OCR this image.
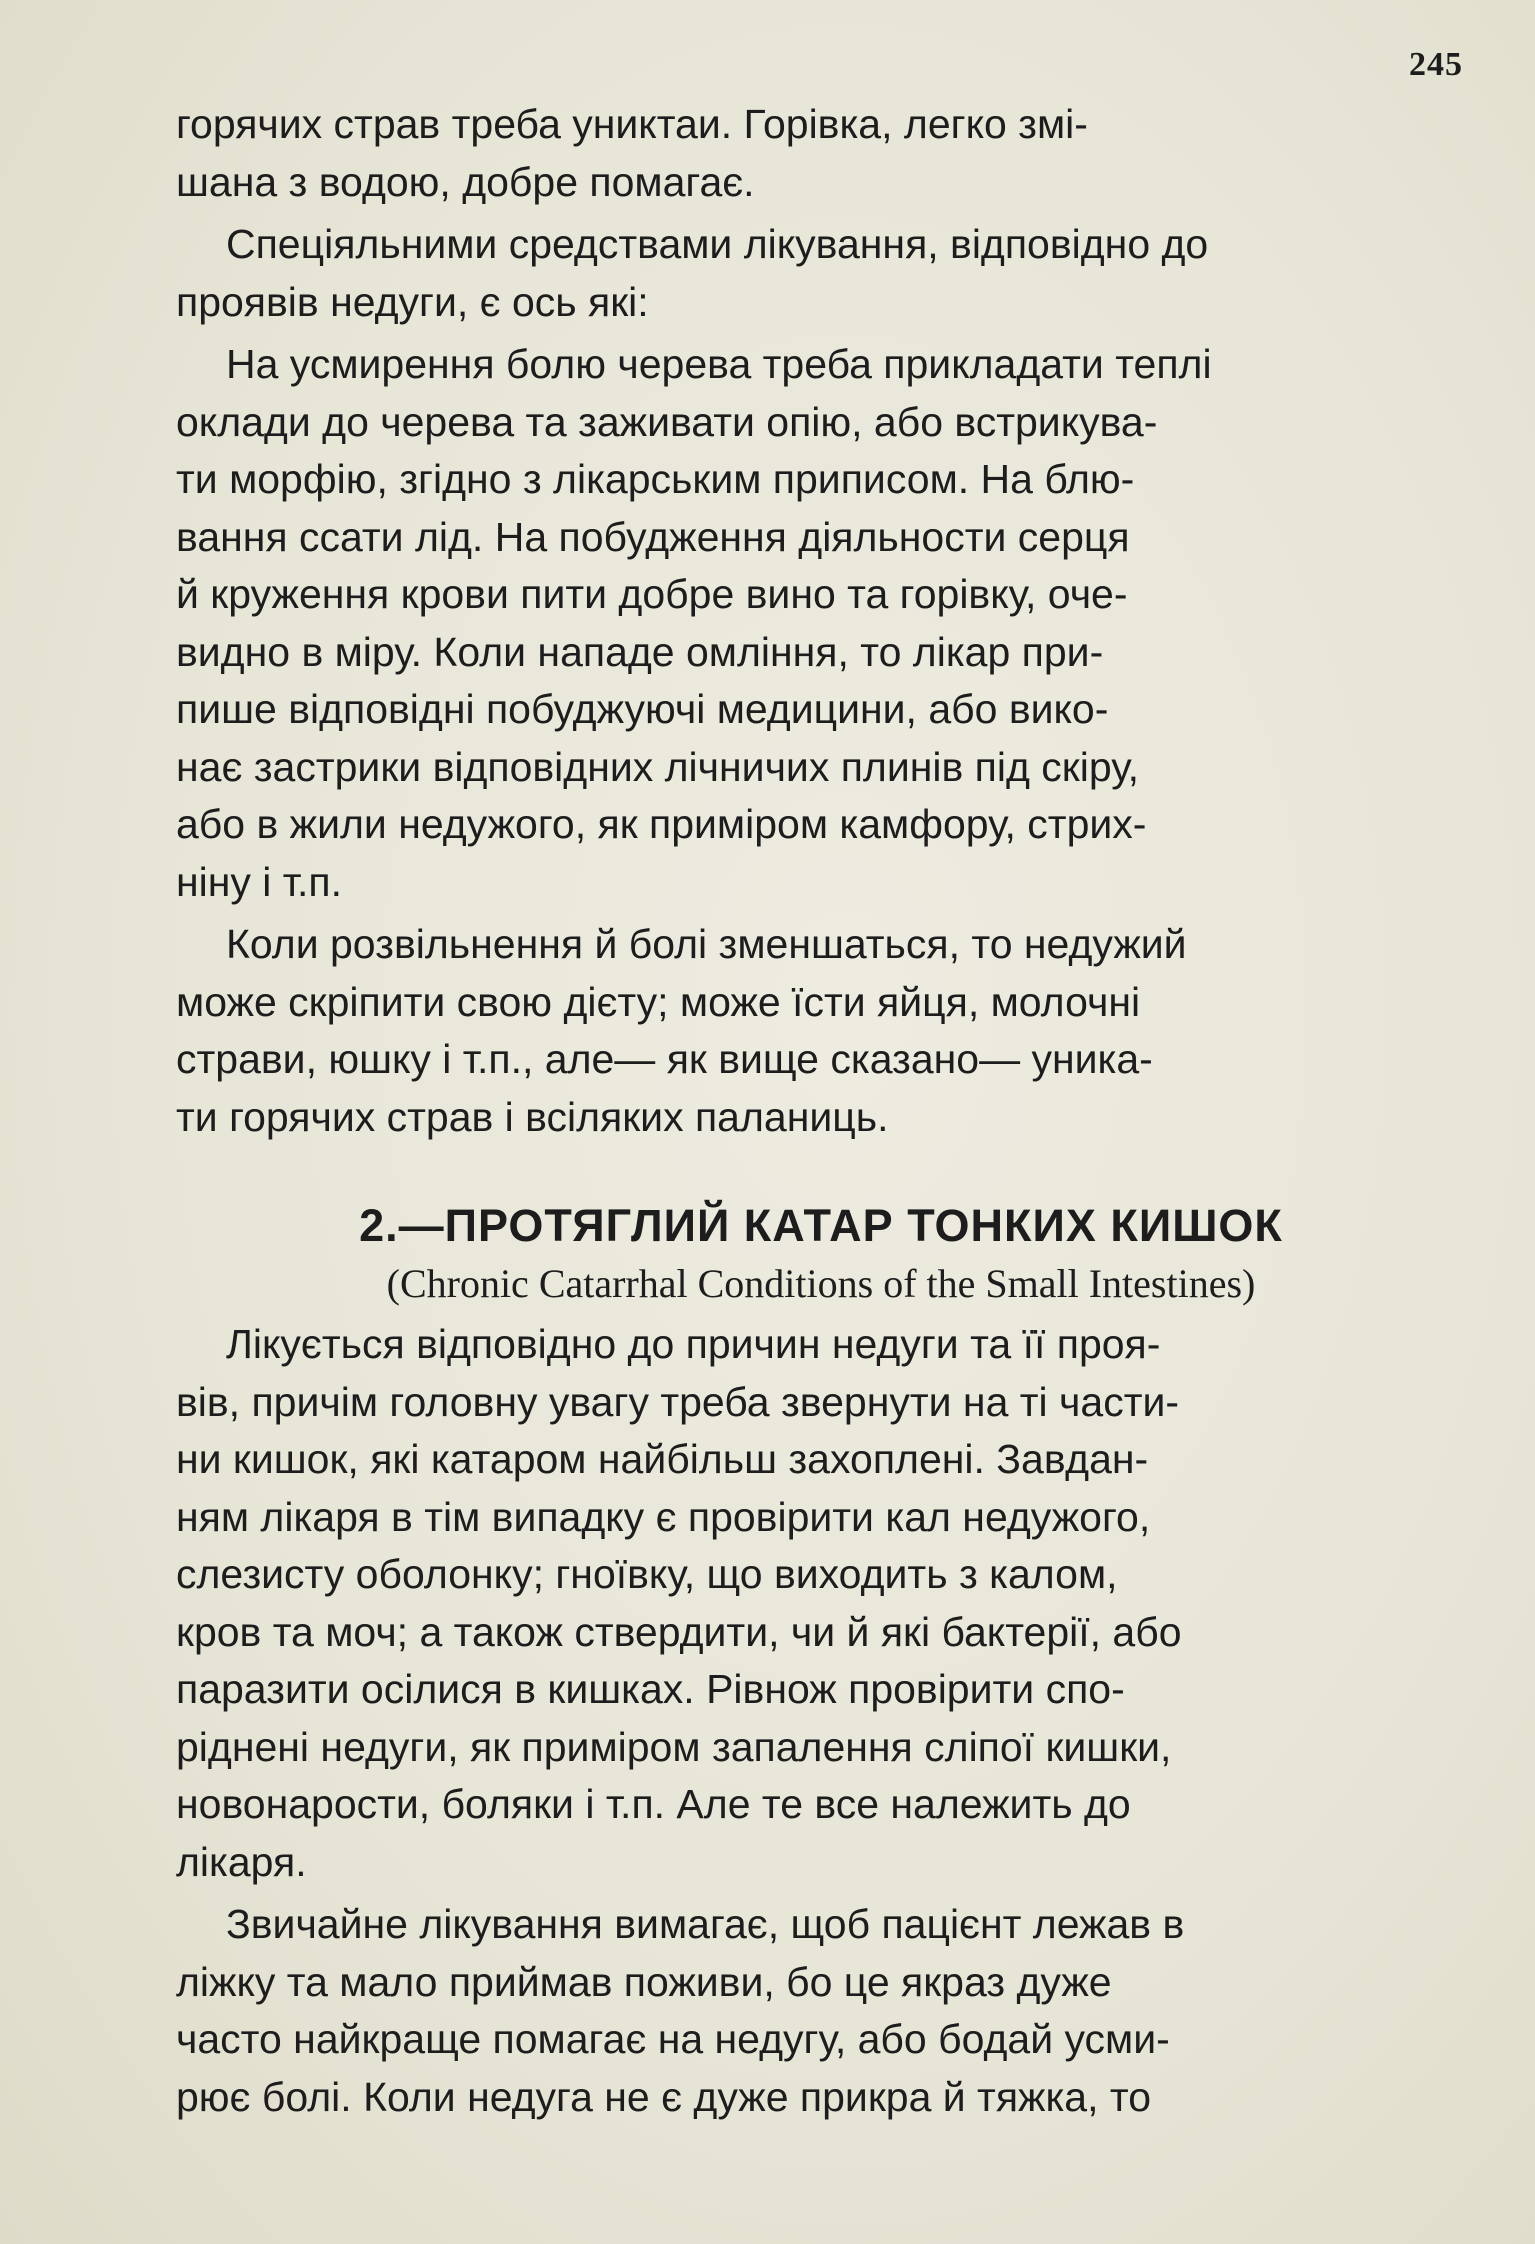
245

горячих страв треба униктаи. Горівка, легко змі-
шана з водою, добре помагає.

Спеціяльними средствами лікування, відповідно до
проявів недуги, є ось які:

На усмирення болю черева треба прикладати теплі
оклади до черева та заживати опію, або встрикува-
ти морфію, згідно з лікарським приписом. На блю-
вання ссати лід. На побудження діяльности серця
й круження крови пити добре вино та горівку, оче-
видно в міру. Коли нападе омління, то лікар при-
пише відповідні побуджуючі медицини, або вико-
нає застрики відповідних лічничих плинів під скіру,
або в жили недужого, як приміром камфору, стрих-
ніну і т.п.

Коли розвільнення й болі зменшаться, то недужий
може скріпити свою дієту; може їсти яйця, молочні
страви, юшку і т.п., але— як вище сказано— уника-
ти горячих страв і всіляких паланиць.

2.—ПРОТЯГЛИЙ КАТАР ТОНКИХ КИШОК
(Chronic Catarrhal Conditions of the Small Intestines)

Лікується відповідно до причин недуги та її проя-
вів, причім головну увагу треба звернути на ті части-
ни кишок, які катаром найбільш захоплені. Завдан-
ням лікаря в тім випадку є провірити кал недужого,
слезисту оболонку; гноївку, що виходить з калом,
кров та моч; а також ствердити, чи й які бактерії, або
паразити осілися в кишках. Рівнож провірити спо-
ріднені недуги, як приміром запалення сліпої кишки,
новонарости, боляки і т.п. Але те все належить до
лікаря.

Звичайне лікування вимагає, щоб пацієнт лежав в
ліжку та мало приймав поживи, бо це якраз дуже
часто найкраще помагає на недугу, або бодай усми-
рює болі. Коли недуга не є дуже прикра й тяжка, то
